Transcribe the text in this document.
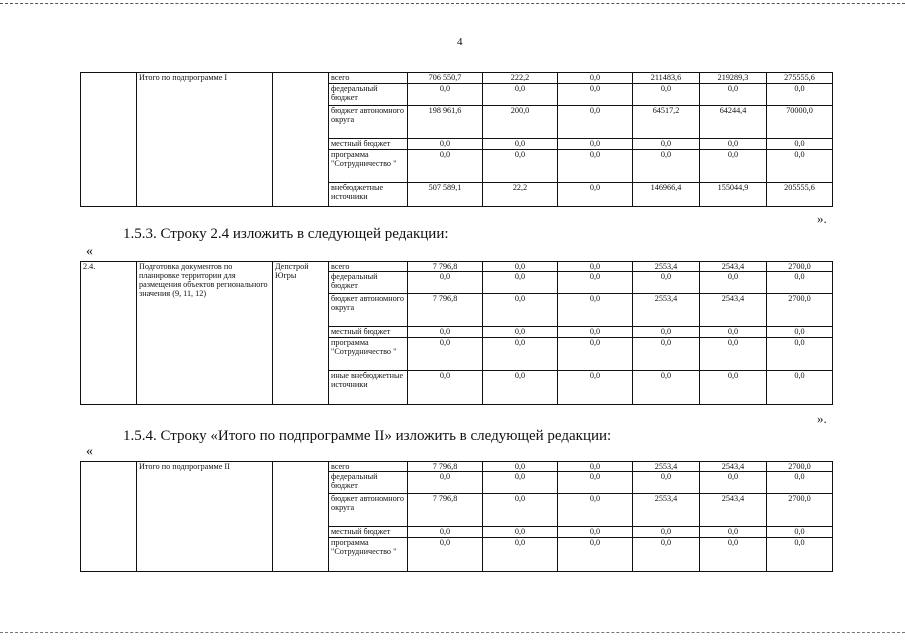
4
	Итого по подпрограмме I		всего	706 550,7	222,2	0,0	211483,6	219289,3	275555,6
			федеральный бюджет	0,0	0,0	0,0	0,0	0,0	0,0
			бюджет автономного округа	198 961,6	200,0	0,0	64517,2	64244,4	70000,0
			местный бюджет	0,0	0,0	0,0	0,0	0,0	0,0
			программа "Сотрудничество "	0,0	0,0	0,0	0,0	0,0	0,0
			внебюджетные источники	507 589,1	22,2	0,0	146966,4	155044,9	205555,6
».
1.5.3. Строку 2.4 изложить в следующей редакции:
«
2.4.	Подготовка документов по планировке территории для размещения объектов регионального значения (9, 11, 12)	Депстрой Югры	всего	7 796,8	0,0	0,0	2553,4	2543,4	2700,0
			федеральный бюджет	0,0	0,0	0,0	0,0	0,0	0,0
			бюджет автономного округа	7 796,8	0,0	0,0	2553,4	2543,4	2700,0
			местный бюджет	0,0	0,0	0,0	0,0	0,0	0,0
			программа "Сотрудничество "	0,0	0,0	0,0	0,0	0,0	0,0
			иные внебюджетные источники	0,0	0,0	0,0	0,0	0,0	0,0
».
1.5.4. Строку «Итого по подпрограмме II» изложить в следующей редакции:
«
	Итого по подпрограмме II		всего	7 796,8	0,0	0,0	2553,4	2543,4	2700,0
			федеральный бюджет	0,0	0,0	0,0	0,0	0,0	0,0
			бюджет автономного округа	7 796,8	0,0	0,0	2553,4	2543,4	2700,0
			местный бюджет	0,0	0,0	0,0	0,0	0,0	0,0
			программа "Сотрудничество "	0,0	0,0	0,0	0,0	0,0	0,0
